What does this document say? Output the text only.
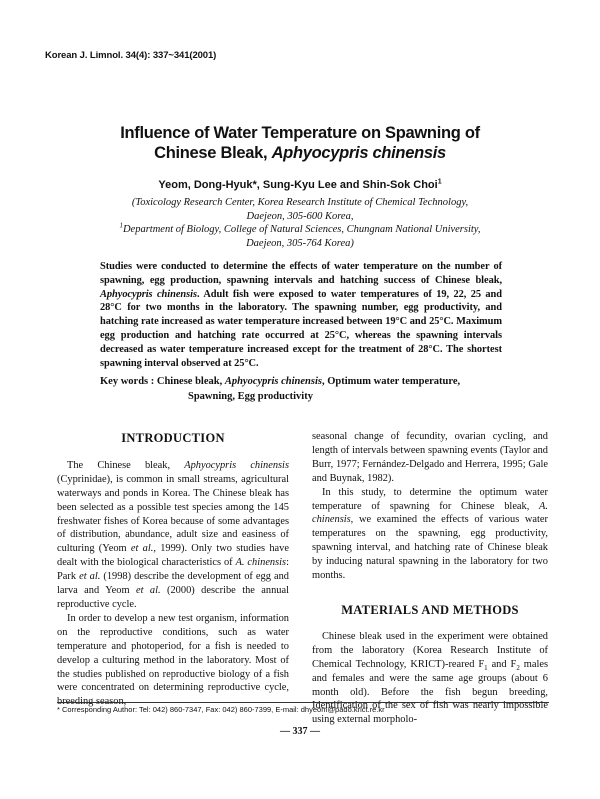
Korean J. Limnol. 34(4): 337~341(2001)
Influence of Water Temperature on Spawning of
Chinese Bleak, Aphyocypris chinensis
Yeom, Dong-Hyuk*, Sung-Kyu Lee and Shin-Sok Choi$^1$
(Toxicology Research Center, Korea Research Institute of Chemical Technology,
Daejeon, 305-600 Korea,
$^1$Department of Biology, College of Natural Sciences, Chungnam National University,
Daejeon, 305-764 Korea)
Studies were conducted to determine the effects of water temperature on the number of spawning, egg production, spawning intervals and hatching success of Chinese bleak, Aphyocypris chinensis. Adult fish were exposed to water temperatures of 19, 22, 25 and 28°C for two months in the laboratory. The spawning number, egg productivity, and hatching rate increased as water temperature increased between 19°C and 25°C. Maximum egg production and hatching rate occurred at 25°C, whereas the spawning intervals decreased as water temperature increased except for the treatment of 28°C. The shortest spawning interval observed at 25°C.
Key words : Chinese bleak, Aphyocypris chinensis, Optimum water temperature,
Spawning, Egg productivity
INTRODUCTION

The Chinese bleak, Aphyocypris chinensis (Cyprinidae), is common in small streams, agricultural waterways and ponds in Korea. The Chinese bleak has been selected as a possible test species among the 145 freshwater fishes of Korea because of some advantages of distribution, abundance, adult size and easiness of culturing (Yeom et al., 1999). Only two studies have dealt with the biological characteristics of A. chinensis: Park et al. (1998) describe the development of egg and larva and Yeom et al. (2000) describe the annual reproductive cycle.

In order to develop a new test organism, information on the reproductive conditions, such as water temperature and photoperiod, for a fish is needed to develop a culturing method in the laboratory. Most of the studies published on reproductive biology of a fish were concentrated on determining reproductive cycle, breeding season,

seasonal change of fecundity, ovarian cycling, and length of intervals between spawning events (Taylor and Burr, 1977; Fernández-Delgado and Herrera, 1995; Gale and Buynak, 1982).

In this study, to determine the optimum water temperature of spawning for Chinese bleak, A. chinensis, we examined the effects of various water temperatures on the spawning, egg productivity, spawning interval, and hatching rate of Chinese bleak by inducing natural spawning in the laboratory for two months.

MATERIALS AND METHODS

Chinese bleak used in the experiment were obtained from the laboratory (Korea Research Institute of Chemical Technology, KRICT)-reared $F_1$ and $F_2$ males and females and were the same age groups (about 6 month old). Before the fish begun breeding, Identification of the sex of fish was nearly impossible using external morpholo-

* Corresponding Author: Tel: 042) 860-7347, Fax: 042) 860-7399, E-mail: dhyeom@pado.krict.re.kr
— 337 —
